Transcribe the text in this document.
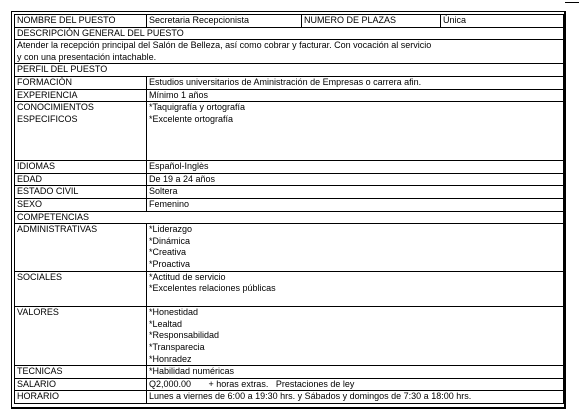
NOMBRE DEL PUESTO	Secretaria Recepcionista	NUMERO DE PLAZAS	Única
DESCRIPCIÓN GENERAL DEL PUESTO			

Atender la recepción principal del Salón de Belleza, así como cobrar y facturar. Con vocación al servicio
y con una presentación intachable.			

PERFIL DEL PUESTO			
FORMACIÓN	Estudios universitarios de Aministración de Empresas o carrera afin.		
EXPERIENCIA	Mínimo 1 años		

CONOCIMIENTOS
ESPECIFICOS	*Taquigrafía y ortografía
*Excelente ortografía		

IDIOMAS	Español-Inglès		
EDAD	De 19 a 24 años		
ESTADO CIVIL	Soltera		
SEXO	Femenino		
COMPETENCIAS			
ADMINISTRATIVAS	*Liderazgo
*Dinámica
*Creativa
*Proactiva		

SOCIALES	*Actitud de servicio
*Excelentes relaciones públicas		

VALORES	*Honestidad
*Lealtad
*Responsabilidad
*Transparecia
*Honradez		

TECNICAS	*Habilidad numéricas		
SALARIO	Q2,000.00       + horas extras.   Prestaciones de ley		
HORARIO	Lunes a viernes de 6:00 a 19:30 hrs. y Sábados y domingos de 7:30 a 18:00 hrs.		
